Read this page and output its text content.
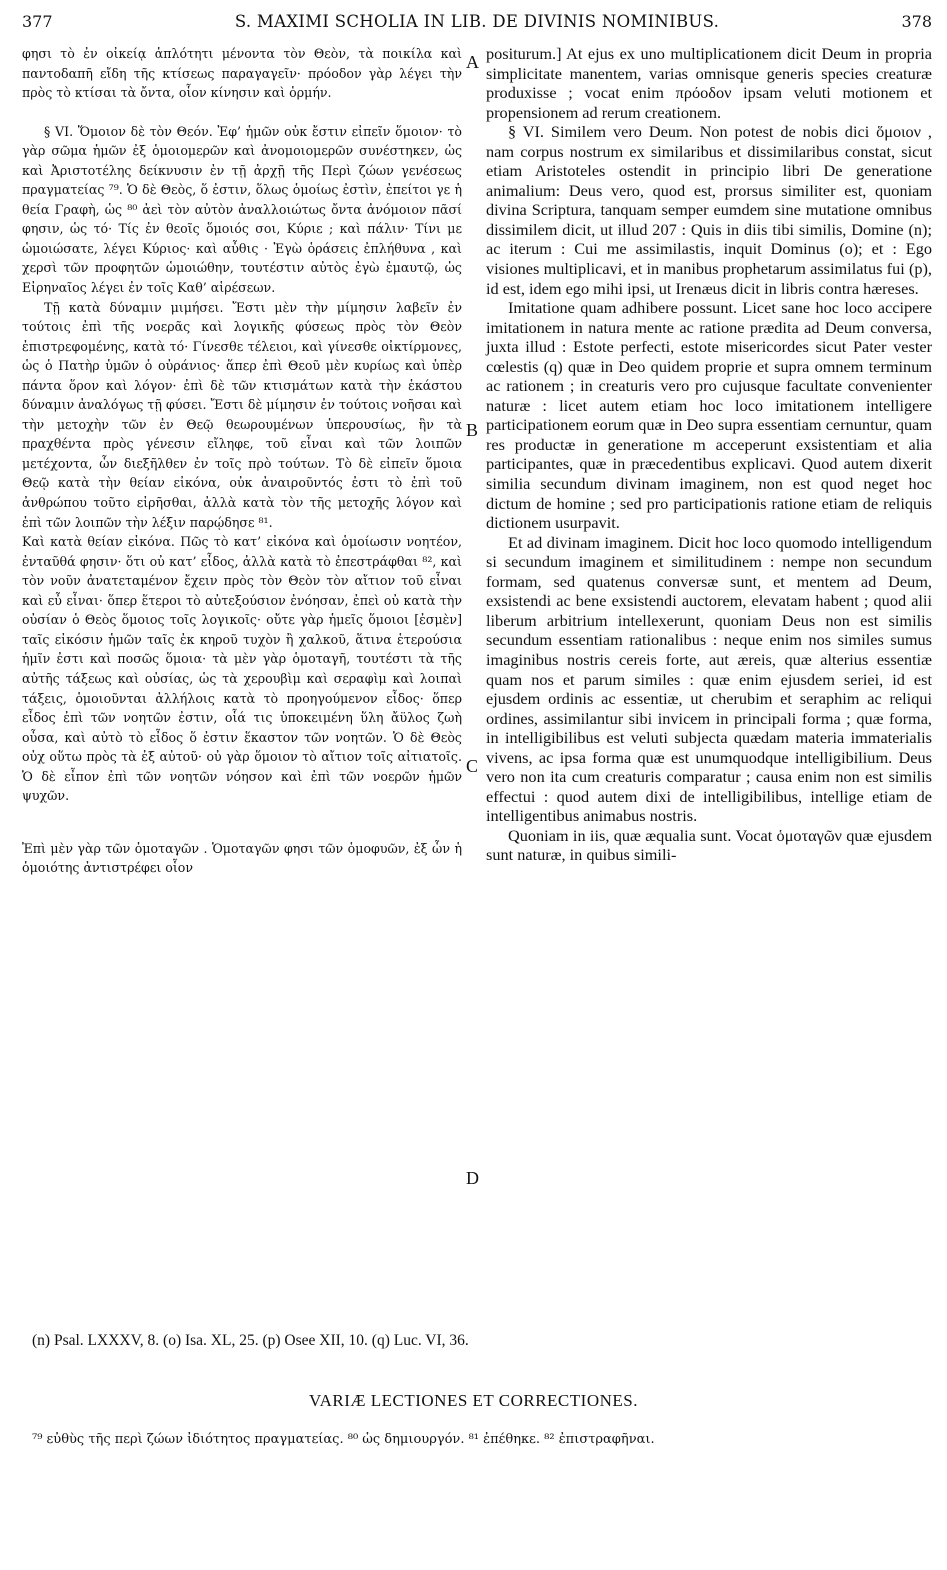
377	S. MAXIMI SCHOLIA IN LIB. DE DIVINIS NOMINIBUS.	378

φησι τὸ ἐν οἰκείᾳ ἁπλότητι μένοντα τὸν Θεὸν, τὰ ποικίλα καὶ παντοδαπῆ εἴδη τῆς κτίσεως παραγαγεῖν· πρόοδον γὰρ λέγει τὴν πρὸς τὸ κτίσαι τὰ ὄντα, οἷον κίνησιν καὶ ὁρμήν.

§ VI. Ὅμοιον δὲ τὸν Θεόν. Ἐφ’ ἡμῶν οὐκ ἔστιν εἰπεῖν ὅμοιον· τὸ γὰρ σῶμα ἡμῶν ἐξ ὁμοιομερῶν καὶ ἀνομοιομερῶν συνέστηκεν, ὡς καὶ Ἀριστοτέλης δείκνυσιν ἐν τῇ ἀρχῇ τῆς Περὶ ζώων γενέσεως πραγματείας ⁷⁹. Ὁ δὲ Θεὸς, ὅ ἐστιν, ὅλως ὁμοίως ἐστὶν, ἐπείτοι γε ἡ θεία Γραφὴ, ὡς ⁸⁰ ἀεὶ τὸν αὐτὸν ἀναλλοιώτως ὄντα ἀνόμοιον πᾶσί φησιν, ὡς τό· Τίς ἐν θεοῖς ὅμοιός σοι, Κύριε ; καὶ πάλιν· Τίνι με ὡμοιώσατε, λέγει Κύριος· καὶ αὖθις · Ἐγὼ ὁράσεις ἐπλήθυνα , καὶ χερσὶ τῶν προφητῶν ὡμοιώθην, τουτέστιν αὐτὸς ἐγὼ ἐμαυτῷ, ὡς Εἰρηναῖος λέγει ἐν τοῖς Καθ’ αἱρέσεων.

Τῇ κατὰ δύναμιν μιμήσει. Ἔστι μὲν τὴν μίμησιν λαβεῖν ἐν τούτοις ἐπὶ τῆς νοερᾶς καὶ λογικῆς φύσεως πρὸς τὸν Θεὸν ἐπιστρεφομένης, κατὰ τό· Γίνεσθε τέλειοι, καὶ γίνεσθε οἰκτίρμονες, ὡς ὁ Πατὴρ ὑμῶν ὁ οὐράνιος· ἅπερ ἐπὶ Θεοῦ μὲν κυρίως καὶ ὑπὲρ πάντα ὅρον καὶ λόγον· ἐπὶ δὲ τῶν κτισμάτων κατὰ τὴν ἑκάστου δύναμιν ἀναλόγως τῇ φύσει. Ἔστι δὲ μίμησιν ἐν τούτοις νοῆσαι καὶ τὴν μετοχὴν τῶν ἐν Θεῷ θεωρουμένων ὑπερουσίως, ἣν τὰ πραχθέντα πρὸς γένεσιν εἴληφε, τοῦ εἶναι καὶ τῶν λοιπῶν μετέχοντα, ὧν διεξῆλθεν ἐν τοῖς πρὸ τούτων. Τὸ δὲ εἰπεῖν ὅμοια Θεῷ κατὰ τὴν θείαν εἰκόνα, οὐκ ἀναιροῦντός ἐστι τὸ ἐπὶ τοῦ ἀνθρώπου τοῦτο εἰρῆσθαι, ἀλλὰ κατὰ τὸν τῆς μετοχῆς λόγον καὶ ἐπὶ τῶν λοιπῶν τὴν λέξιν παρῴδησε ⁸¹.

Καὶ κατὰ θείαν εἰκόνα. Πῶς τὸ κατ’ εἰκόνα καὶ ὁμοίωσιν νοητέον, ἐνταῦθά φησιν· ὅτι οὐ κατ’ εἶδος, ἀλλὰ κατὰ τὸ ἐπεστράφθαι ⁸², καὶ τὸν νοῦν ἀνατεταμένον ἔχειν πρὸς τὸν Θεὸν τὸν αἴτιον τοῦ εἶναι καὶ εὖ εἶναι· ὅπερ ἕτεροι τὸ αὐτεξούσιον ἐνόησαν, ἐπεὶ οὐ κατὰ τὴν οὐσίαν ὁ Θεὸς ὅμοιος τοῖς λογικοῖς· οὔτε γὰρ ἡμεῖς ὅμοιοι [ἐσμὲν] ταῖς εἰκόσιν ἡμῶν ταῖς ἐκ κηροῦ τυχὸν ἢ χαλκοῦ, ἅτινα ἑτερούσια ἡμῖν ἐστι καὶ ποσῶς ὅμοια· τὰ μὲν γὰρ ὁμοταγῆ, τουτέστι τὰ τῆς αὐτῆς τάξεως καὶ οὐσίας, ὡς τὰ χερουβὶμ καὶ σεραφὶμ καὶ λοιπαὶ τάξεις, ὁμοιοῦνται ἀλλήλοις κατὰ τὸ προηγούμενον εἶδος· ὅπερ εἶδος ἐπὶ τῶν νοητῶν ἐστιν, οἷά τις ὑποκειμένη ὕλη ἄϋλος ζωὴ οὖσα, καὶ αὐτὸ τὸ εἶδος ὅ ἐστιν ἕκαστον τῶν νοητῶν. Ὁ δὲ Θεὸς οὐχ οὕτω πρὸς τὰ ἐξ αὐτοῦ· οὐ γὰρ ὅμοιον τὸ αἴτιον τοῖς αἰτιατοῖς. Ὁ δὲ εἶπον ἐπὶ τῶν νοητῶν νόησον καὶ ἐπὶ τῶν νοερῶν ἡμῶν ψυχῶν.

Ἐπὶ μὲν γὰρ τῶν ὁμοταγῶν . Ὁμοταγῶν φησι τῶν ὁμοφυῶν, ἐξ ὧν ἡ ὁμοιότης ἀντιστρέφει οἷον

positurum.] At ejus ex uno multiplicationem dicit Deum in propria simplicitate manentem, varias omnisque generis species creaturæ produxisse ; vocat enim πρόοδον ipsam veluti motionem et propensionem ad rerum creationem.

§ VI. Similem vero Deum. Non potest de nobis dici ὅμοιον , nam corpus nostrum ex similaribus et dissimilaribus constat, sicut etiam Aristoteles ostendit in principio libri De generatione animalium: Deus vero, quod est, prorsus similiter est, quoniam divina Scriptura, tanquam semper eumdem sine mutatione omnibus dissimilem dicit, ut illud 207 : Quis in diis tibi similis, Domine (n); ac iterum : Cui me assimilastis, inquit Dominus (o); et : Ego visiones multiplicavi, et in manibus prophetarum assimilatus fui (p), id est, idem ego mihi ipsi, ut Irenæus dicit in libris contra hæreses.

Imitatione quam adhibere possunt. Licet sane hoc loco accipere imitationem in natura mente ac ratione prædita ad Deum conversa, juxta illud : Estote perfecti, estote misericordes sicut Pater vester cœlestis (q) quæ in Deo quidem proprie et supra omnem terminum ac rationem ; in creaturis vero pro cujusque facultate convenienter naturæ : licet autem etiam hoc loco imitationem intelligere participationem eorum quæ in Deo supra essentiam cernuntur, quam res productæ in generatione m acceperunt exsistentiam et alia participantes, quæ in præcedentibus explicavi. Quod autem dixerit similia secundum divinam imaginem, non est quod neget hoc dictum de homine ; sed pro participationis ratione etiam de reliquis dictionem usurpavit.

Et ad divinam imaginem. Dicit hoc loco quomodo intelligendum si secundum imaginem et similitudinem : nempe non secundum formam, sed quatenus conversæ sunt, et mentem ad Deum, exsistendi ac bene exsistendi auctorem, elevatam habent ; quod alii liberum arbitrium intellexerunt, quoniam Deus non est similis secundum essentiam rationalibus : neque enim nos similes sumus imaginibus nostris cereis forte, aut æreis, quæ alterius essentiæ quam nos et parum similes : quæ enim ejusdem seriei, id est ejusdem ordinis ac essentiæ, ut cherubim et seraphim ac reliqui ordines, assimilantur sibi invicem in principali forma ; quæ forma, in intelligibilibus est veluti subjecta quædam materia immaterialis vivens, ac ipsa forma quæ est unumquodque intelligibilium. Deus vero non ita cum creaturis comparatur ; causa enim non est similis effectui : quod autem dixi de intelligibilibus, intellige etiam de intelligentibus animabus nostris.

Quoniam in iis, quæ æqualia sunt. Vocat ὁμοταγῶν quæ ejusdem sunt naturæ, in quibus simili-

A
B
C
D
(n) Psal. LXXXV, 8. (o) Isa. XL, 25. (p) Osee XII, 10. (q) Luc. VI, 36.
VARIÆ LECTIONES ET CORRECTIONES.
⁷⁹ εὐθὺς τῆς περὶ ζώων ἰδιότητος πραγματείας. ⁸⁰ ὡς δημιουργόν. ⁸¹ ἐπέθηκε. ⁸² ἐπιστραφῆναι.
